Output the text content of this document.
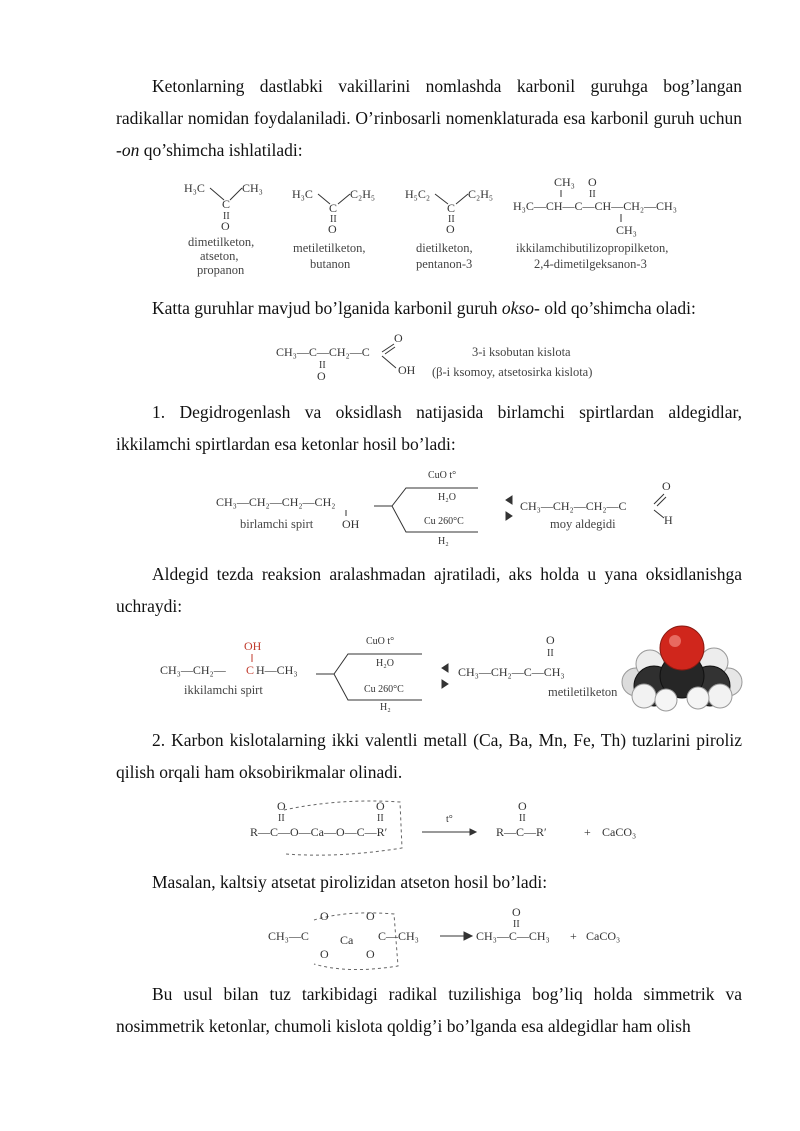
Ketonlarning dastlabki vakillarini nomlashda karbonil guruhga bog’langan radikallar nomidan foydalaniladi. O’rinbosarli nomenklaturada esa karbonil guruh uchun -on qo’shimcha ishlatiladi:

H₃C	CH₃
C
II
O
dimetilketon,
atseton,
propanon
H₃C	C₂H₅
C
II
O
metiletilketon,
butanon
H₅C₂	C₂H₅
C
II
O
dietilketon,
pentanon-3
CH₃ O
II
H₃C—CH—C—CH—CH₂—CH₃
CH₃
ikkilamchibutilizopropilketon,
2,4-dimetilgeksanon-3

Katta guruhlar mavjud bo’lganida karbonil guruh okso- old qo’shimcha oladi:

O
CH₃—C—CH₂—C
OH
II
O
3-i ksobutan kislota
(β-i ksomoy, atsetosirka kislota)

1. Degidrogenlash va oksidlash natijasida birlamchi spirtlardan aldegidlar, ikkilamchi spirtlardan esa ketonlar hosil bo’ladi:

CH₃—CH₂—CH₂—CH₂
OH
birlamchi spirt
CuO t°
H₂O
Cu 260°C
H₂
CH₃—CH₂—CH₂—C
O
H
moy aldegidi

Aldegid tezda reaksion aralashmadan ajratiladi, aks holda u yana oksidlanishga uchraydi:

OH
CH₃—CH₂— C H—CH₃
ikkilamchi spirt
CuO t°
H₂O
Cu 260°C
H₂
O
II
CH₃—CH₂—C—CH₃
metiletilketon

2. Karbon kislotalarning ikki valentli metall (Ca, Ba, Mn, Fe, Th) tuzlarini piroliz qilish orqali ham oksobirikmalar olinadi.

O
II
O
II
R—C—O—Ca—O—C—R′
t°
O
II
R—C—R′	+ CaCO₃

Masalan, kaltsiy atsetat pirolizidan atseton hosil bo’ladi:

CH₃—C
O
O
Ca
O
O
C—CH₃
O
II
CH₃—C—CH₃ + CaCO₃

Bu usul bilan tuz tarkibidagi radikal tuzilishiga bog’liq holda simmetrik va nosimmetrik ketonlar, chumoli kislota qoldig’i bo’lganda esa aldegidlar ham olish
